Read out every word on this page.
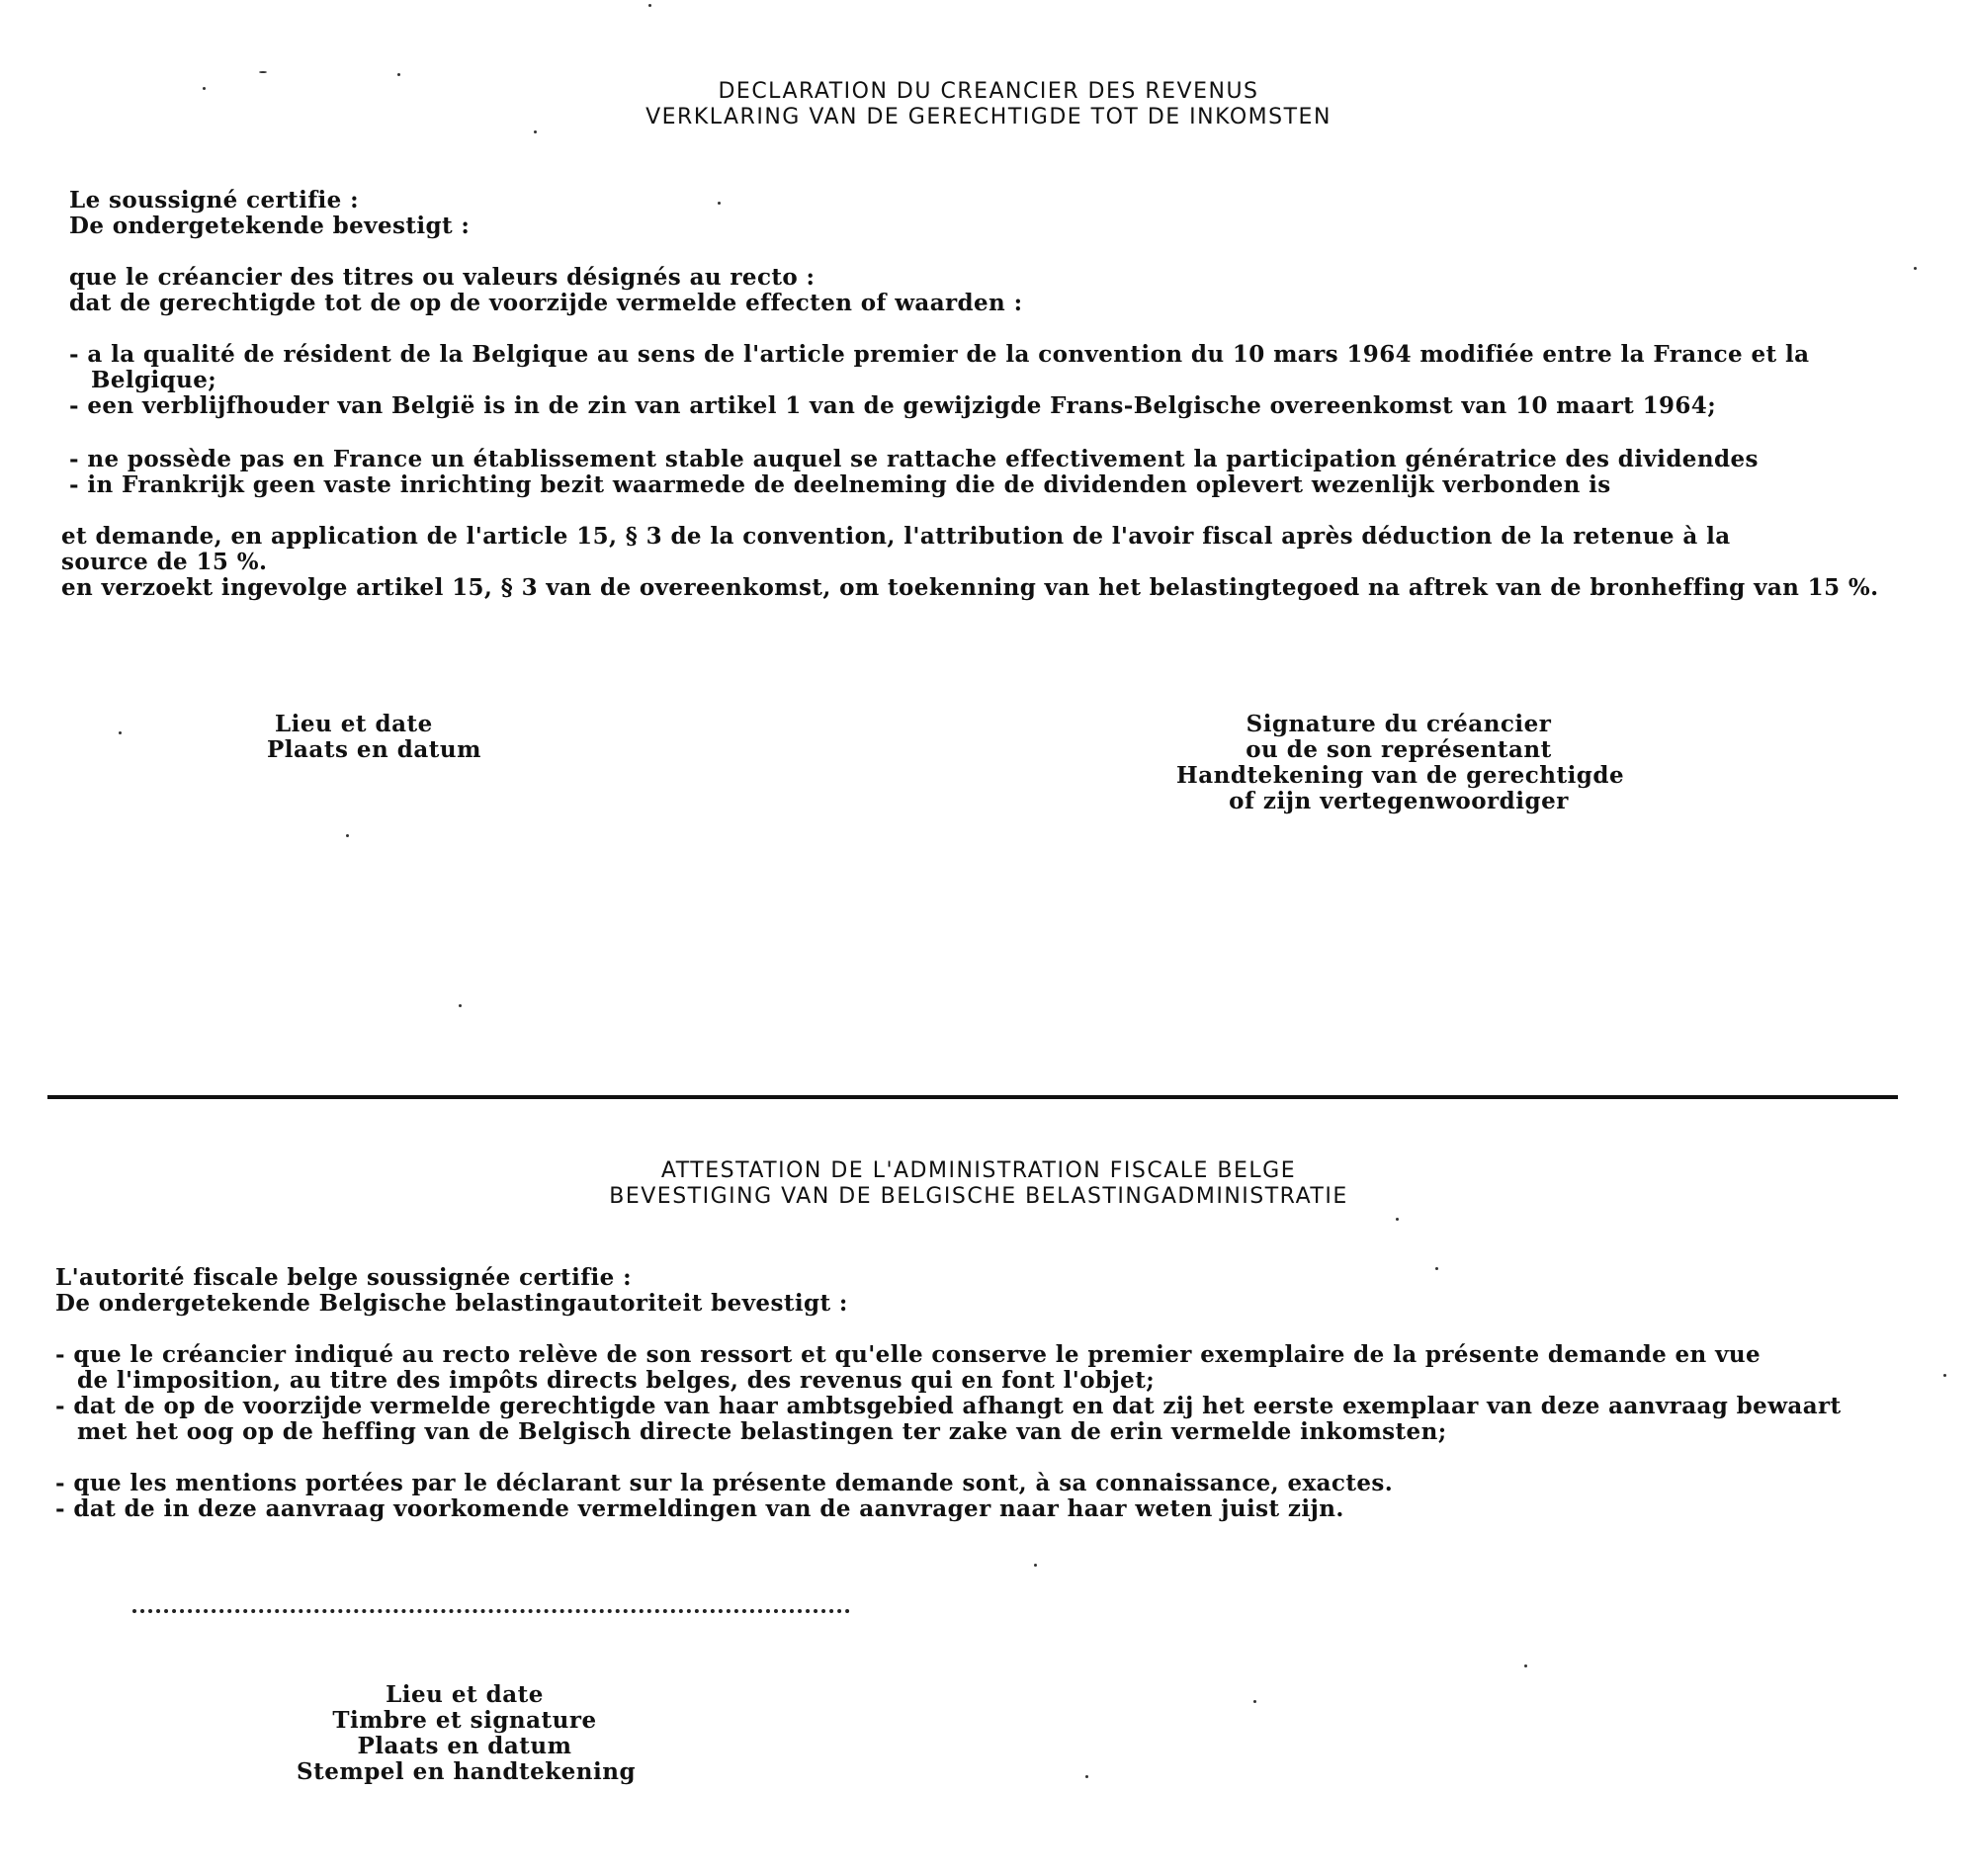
DECLARATION DU CREANCIER DES REVENUS
VERKLARING VAN DE GERECHTIGDE TOT DE INKOMSTEN

Le soussigné certifie :

De ondergetekende bevestigt :

que le créancier des titres ou valeurs désignés au recto :

dat de gerechtigde tot de op de voorzijde vermelde effecten of waarden :

- a la qualité de résident de la Belgique au sens de l'article premier de la convention du 10 mars 1964 modifiée entre la France et la

Belgique;

- een verblijfhouder van België is in de zin van artikel 1 van de gewijzigde Frans-Belgische overeenkomst van 10 maart 1964;

- ne possède pas en France un établissement stable auquel se rattache effectivement la participation génératrice des dividendes

- in Frankrijk geen vaste inrichting bezit waarmede de deelneming die de dividenden oplevert wezenlijk verbonden is

et demande, en application de l'article 15, § 3 de la convention, l'attribution de l'avoir fiscal après déduction de la retenue à la

source de 15 %.

en verzoekt ingevolge artikel 15, § 3 van de overeenkomst, om toekenning van het belastingtegoed na aftrek van de bronheffing van 15 %.

Lieu et date
Plaats en datum
Signature du créancier
ou de son représentant
Handtekening van de gerechtigde
of zijn vertegenwoordiger
ATTESTATION DE L'ADMINISTRATION FISCALE BELGE
BEVESTIGING VAN DE BELGISCHE BELASTINGADMINISTRATIE

L'autorité fiscale belge soussignée certifie :

De ondergetekende Belgische belastingautoriteit bevestigt :

- que le créancier indiqué au recto relève de son ressort et qu'elle conserve le premier exemplaire de la présente demande en vue

de l'imposition, au titre des impôts directs belges, des revenus qui en font l'objet;

- dat de op de voorzijde vermelde gerechtigde van haar ambtsgebied afhangt en dat zij het eerste exemplaar van deze aanvraag bewaart

met het oog op de heffing van de Belgisch directe belastingen ter zake van de erin vermelde inkomsten;

- que les mentions portées par le déclarant sur la présente demande sont, à sa connaissance, exactes.

- dat de in deze aanvraag voorkomende vermeldingen van de aanvrager naar haar weten juist zijn.

Lieu et date
Timbre et signature
Plaats en datum
Stempel en handtekening
